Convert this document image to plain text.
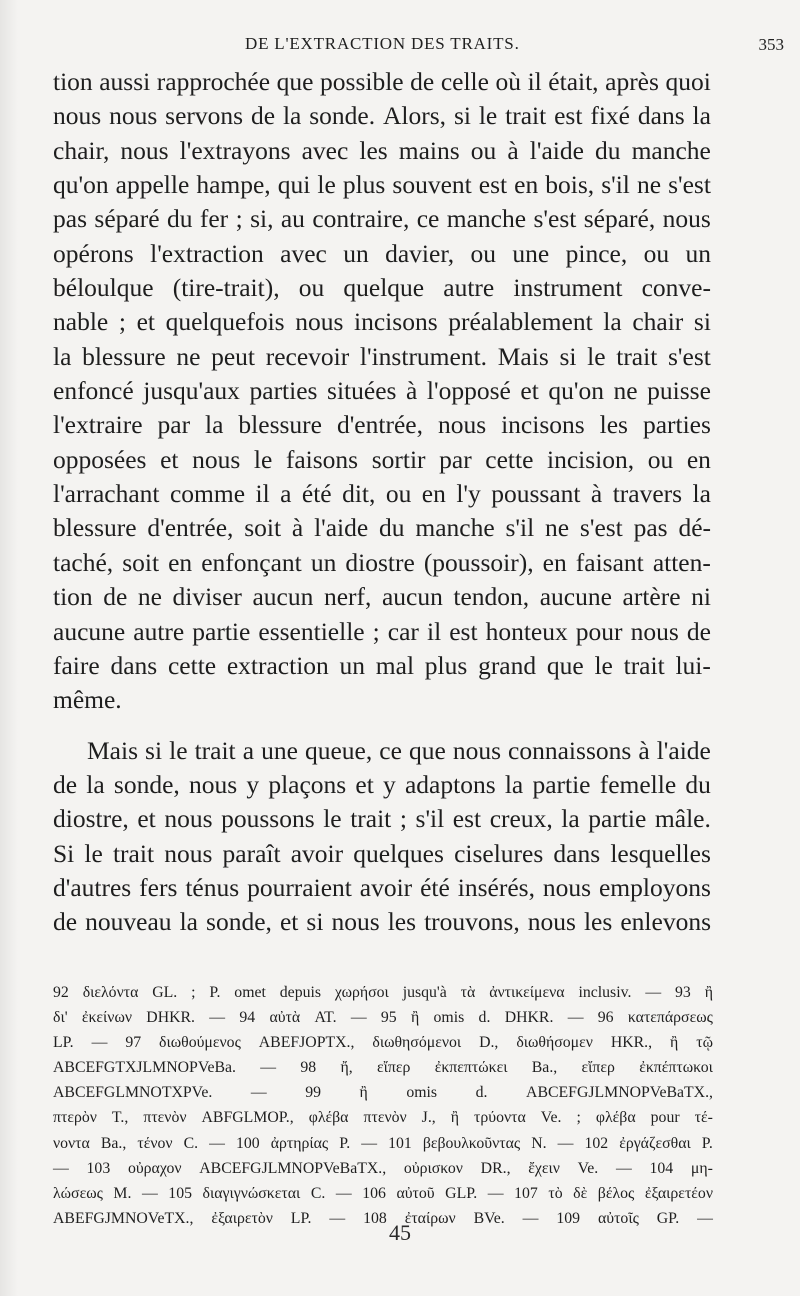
DE L'EXTRACTION DES TRAITS.	353
tion aussi rapprochée que possible de celle où il était, après quoi
nous nous servons de la sonde. Alors, si le trait est fixé dans la
chair, nous l'extrayons avec les mains ou à l'aide du manche
qu'on appelle hampe, qui le plus souvent est en bois, s'il ne s'est
pas séparé du fer ; si, au contraire, ce manche s'est séparé, nous
opérons l'extraction avec un davier, ou une pince, ou un
béloulque (tire-trait), ou quelque autre instrument conve-
nable ; et quelquefois nous incisons préalablement la chair si
la blessure ne peut recevoir l'instrument. Mais si le trait s'est
enfoncé jusqu'aux parties situées à l'opposé et qu'on ne puisse
l'extraire par la blessure d'entrée, nous incisons les parties
opposées et nous le faisons sortir par cette incision, ou en
l'arrachant comme il a été dit, ou en l'y poussant à travers la
blessure d'entrée, soit à l'aide du manche s'il ne s'est pas dé-
taché, soit en enfonçant un diostre (poussoir), en faisant atten-
tion de ne diviser aucun nerf, aucun tendon, aucune artère ni
aucune autre partie essentielle ; car il est honteux pour nous de
faire dans cette extraction un mal plus grand que le trait lui-
même.
Mais si le trait a une queue, ce que nous connaissons à l'aide
de la sonde, nous y plaçons et y adaptons la partie femelle du
diostre, et nous poussons le trait ; s'il est creux, la partie mâle.
Si le trait nous paraît avoir quelques ciselures dans lesquelles
d'autres fers ténus pourraient avoir été insérés, nous employons
de nouveau la sonde, et si nous les trouvons, nous les enlevons
92 διελόντα GL. ; P. omet depuis χωρήσοι jusqu'à τὰ ἀντικείμενα inclusiv. — 93 ἢ
δι' ἐκείνων DHKR. — 94 αὐτὰ AT. — 95 ἢ omis d. DHKR. — 96 κατεπάρσεως
LP. — 97 διωθούμενος ABEFJOPTX., διωθησόμενοι D., διωθήσομεν HKR., ἢ τῷ
ABCEFGTXJLMNOPVeBa. — 98 ἤ, εἴπερ ἐκπεπτώκει Ba., εἴπερ ἐκπέπτωκοι
ABCEFGLMNOTXPVe. — 99 ἢ omis d. ABCEFGJLMNOPVeBaTX.,
πτερὸν T., πτενὸν ABFGLMOP., φλέβα πτενὸν J., ἢ τρύοντα Ve. ; φλέβα pour τέ-
νοντα Ba., τένον C. — 100 ἀρτηρίας P. — 101 βεβουλκοῦντας N. — 102 ἐργάζεσθαι P.
— 103 οὐραχον ABCEFGJLMNOPVeBaTX., οὐρισκον DR., ἔχειν Ve. — 104 μη-
λώσεως M. — 105 διαγιγνώσκεται C. — 106 αὐτοῦ GLP. — 107 τὸ δὲ βέλος ἐξαιρετέον
ABEFGJMNOVeTX., ἐξαιρετὸν LP. — 108 ἐταίρων BVe. — 109 αὐτοῖς GP. —
45
